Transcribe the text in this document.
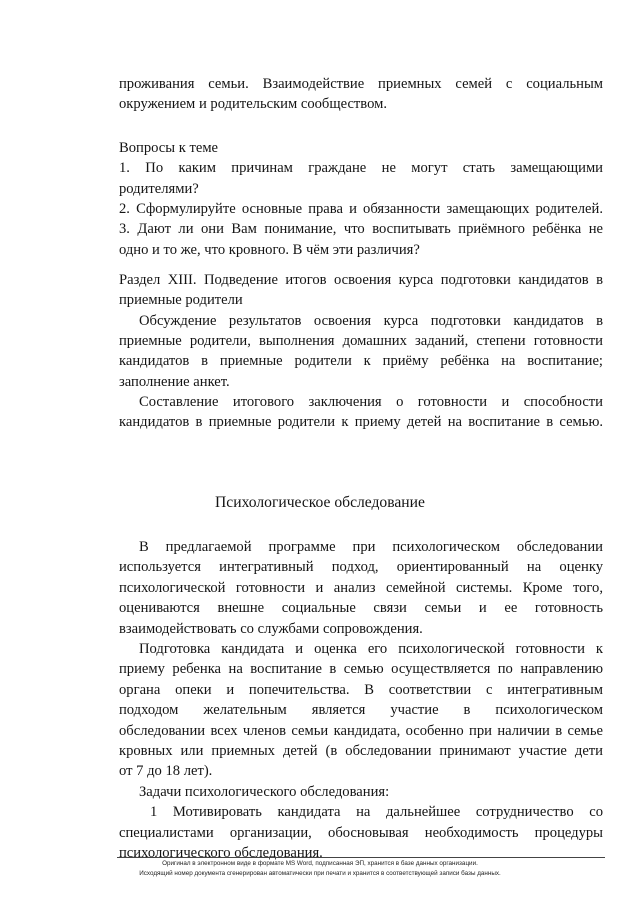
проживания семьи. Взаимодействие приемных семей с социальным
окружением и родительским сообществом.
Вопросы к теме
1. По каким причинам граждане не могут стать замещающими
родителями?
2. Сформулируйте основные права и обязанности замещающих родителей.
3. Дают ли они Вам понимание, что воспитывать приёмного ребёнка не
одно и то же, что кровного. В чём эти различия?
Раздел XIII. Подведение итогов освоения курса подготовки кандидатов в
приемные родители
Обсуждение результатов освоения курса подготовки кандидатов в
приемные родители, выполнения домашних заданий, степени готовности
кандидатов в приемные родители к приёму ребёнка на воспитание;
заполнение анкет.
Составление итогового заключения о готовности и способности
кандидатов в приемные родители к приему детей на воспитание в семью.
Психологическое обследование
В предлагаемой программе при психологическом обследовании
используется интегративный подход, ориентированный на оценку
психологической готовности и анализ семейной системы. Кроме того,
оцениваются внешне социальные связи семьи и ее готовность
взаимодействовать со службами сопровождения.
Подготовка кандидата и оценка его психологической готовности к
приему ребенка на воспитание в семью осуществляется по направлению
органа опеки и попечительства. В соответствии с интегративным
подходом желательным является участие в психологическом
обследовании всех членов семьи кандидата, особенно при наличии в семье
кровных или приемных детей (в обследовании принимают участие дети
от 7 до 18 лет).
Задачи психологического обследования:
1 Мотивировать кандидата на дальнейшее сотрудничество со
специалистами организации, обосновывая необходимость процедуры
психологического обследования.
Оригинал в электронном виде в формате MS Word, подписанная ЭП, хранится в базе данных организации.
Исходящий номер документа сгенерирован автоматически при печати и хранится в соответствующей записи базы данных.
